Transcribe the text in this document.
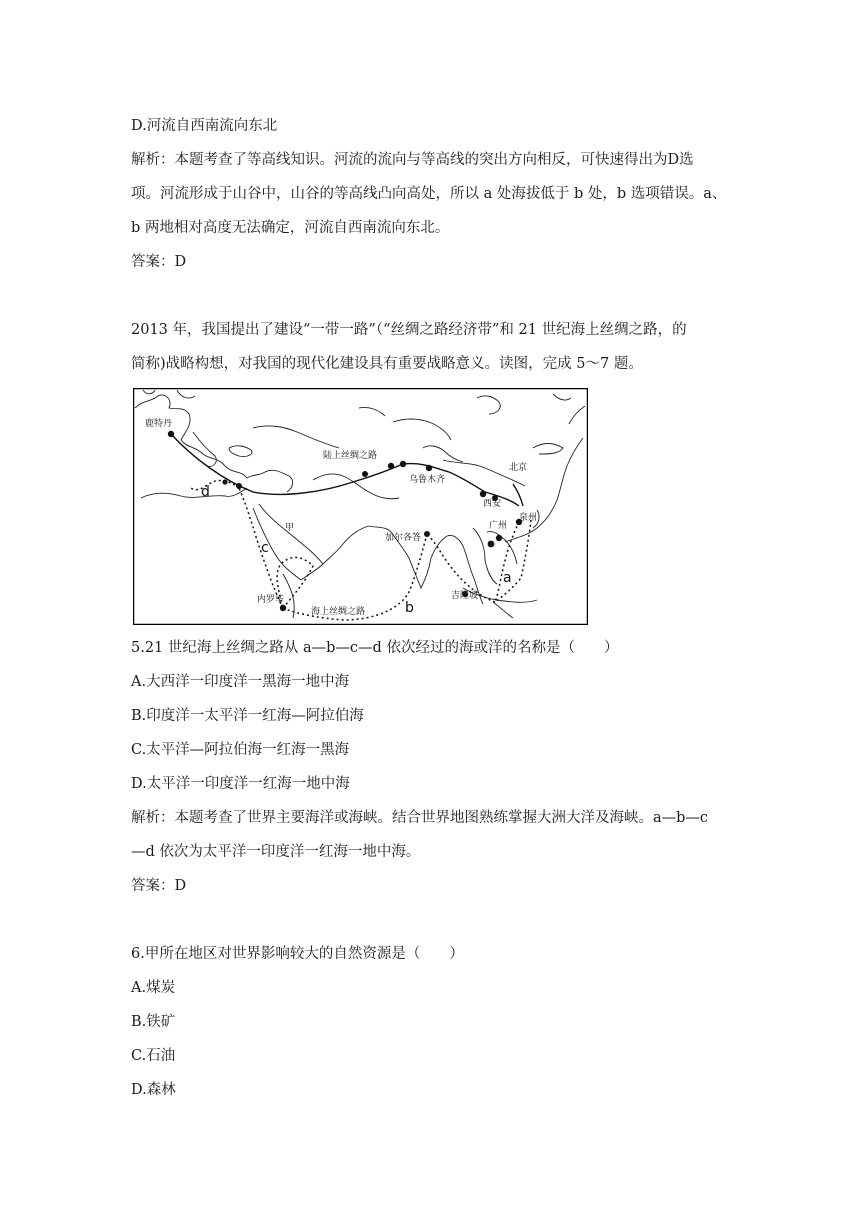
D.河流自西南流向东北
解析：本题考查了等高线知识。河流的流向与等高线的突出方向相反，可快速得出为D选
项。河流形成于山谷中，山谷的等高线凸向高处，所以 a 处海拔低于 b 处，b 选项错误。a、
b 两地相对高度无法确定，河流自西南流向东北。
答案：D
2013 年，我国提出了建设“一带一路”（“丝绸之路经济带”和 21 世纪海上丝绸之路，的
简称)战略构想，对我国的现代化建设具有重要战略意义。读图，完成 5～7 题。
鹿特丹
陆上丝绸之路
乌鲁木齐
北京
西安
泉州
广州
甲
加尔各答
内罗毕
海上丝绸之路
吉隆坡
a
b
c
d
5.21 世纪海上丝绸之路从 a—b—c—d 依次经过的海或洋的名称是（　　）
A.大西洋一印度洋一黑海一地中海
B.印度洋一太平洋一红海—阿拉伯海
C.太平洋—阿拉伯海一红海一黑海
D.太平洋一印度洋一红海一地中海
解析：本题考查了世界主要海洋或海峡。结合世界地图熟练掌握大洲大洋及海峡。a—b—c
—d 依次为太平洋一印度洋一红海一地中海。
答案：D
6.甲所在地区对世界影响较大的自然资源是（　　）
A.煤炭
B.铁矿
C.石油
D.森林
